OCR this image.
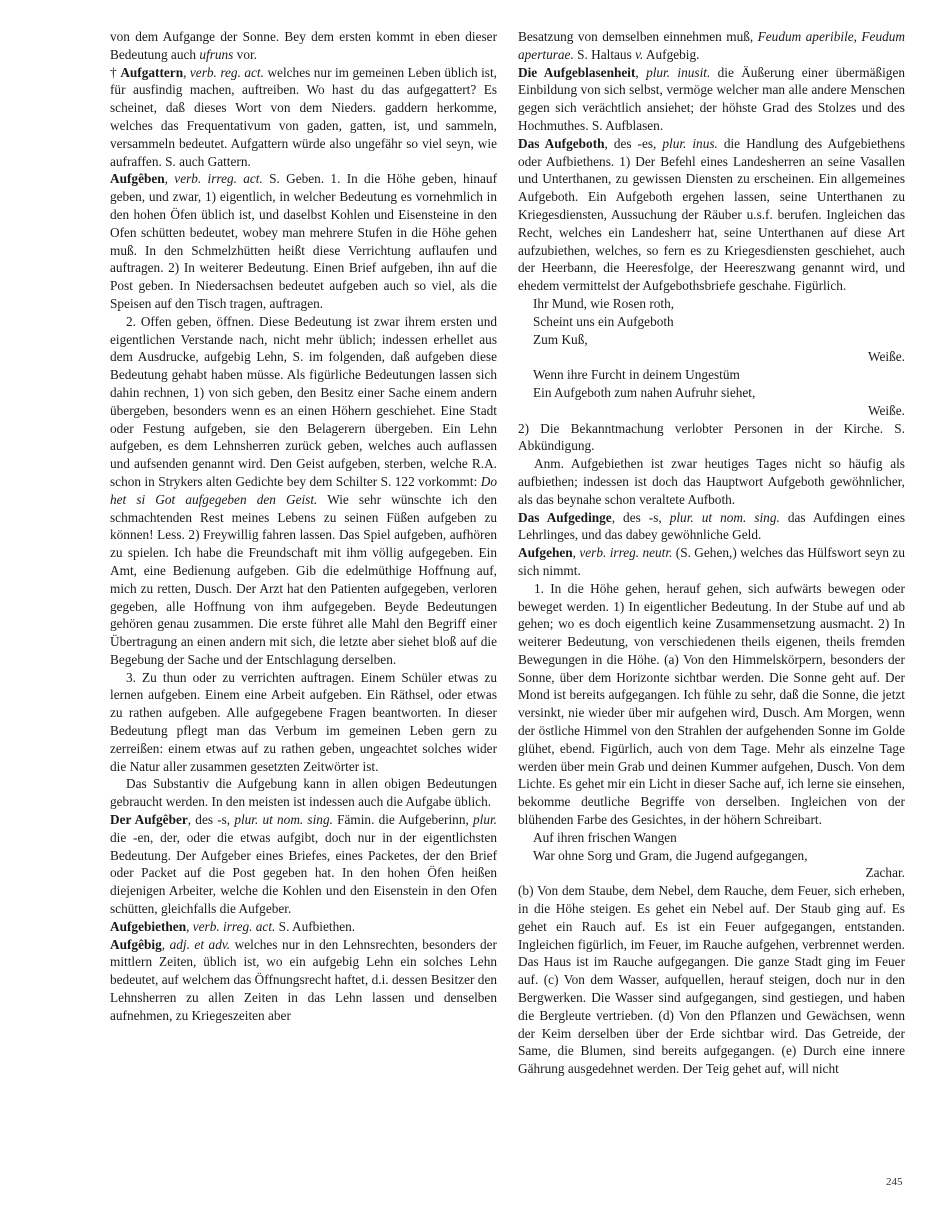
von dem Aufgange der Sonne. Bey dem ersten kommt in eben dieser Bedeutung auch ufruns vor.

† Aufgattern, verb. reg. act. welches nur im gemeinen Leben üblich ist, für ausfindig machen, auftreiben. Wo hast du das aufgegattert? Es scheinet, daß dieses Wort von dem Nieders. gaddern herkomme, welches das Frequentativum von gaden, gatten, ist, und sammeln, versammeln bedeutet. Aufgattern würde also ungefähr so viel seyn, wie aufraffen. S. auch Gattern.

Aufgêben, verb. irreg. act. S. Geben. 1. In die Höhe geben, hinauf geben, und zwar, 1) eigentlich, in welcher Bedeutung es vornehmlich in den hohen Öfen üblich ist, und daselbst Kohlen und Eisensteine in den Ofen schütten bedeutet, wobey man mehrere Stufen in die Höhe gehen muß. In den Schmelzhütten heißt diese Verrichtung auflaufen und auftragen. 2) In weiterer Bedeutung. Einen Brief aufgeben, ihn auf die Post geben. In Niedersachsen bedeutet aufgeben auch so viel, als die Speisen auf den Tisch tragen, auftragen.

2. Offen geben, öffnen. Diese Bedeutung ist zwar ihrem ersten und eigentlichen Verstande nach, nicht mehr üblich; indessen erhellet aus dem Ausdrucke, aufgebig Lehn, S. im folgenden, daß aufgeben diese Bedeutung gehabt haben müsse. Als figürliche Bedeutungen lassen sich dahin rechnen, 1) von sich geben, den Besitz einer Sache einem andern übergeben, besonders wenn es an einen Höhern geschiehet. Eine Stadt oder Festung aufgeben, sie den Belagerern übergeben. Ein Lehn aufgeben, es dem Lehnsherren zurück geben, welches auch auflassen und aufsenden genannt wird. Den Geist aufgeben, sterben, welche R.A. schon in Strykers alten Gedichte bey dem Schilter S. 122 vorkommt: Do het si Got aufgegeben den Geist. Wie sehr wünschte ich den schmachtenden Rest meines Lebens zu seinen Füßen aufgeben zu können! Less. 2) Freywillig fahren lassen. Das Spiel aufgeben, aufhören zu spielen. Ich habe die Freundschaft mit ihm völlig aufgegeben. Ein Amt, eine Bedienung aufgeben. Gib die edelmüthige Hoffnung auf, mich zu retten, Dusch. Der Arzt hat den Patienten aufgegeben, verloren gegeben, alle Hoffnung von ihm aufgegeben. Beyde Bedeutungen gehören genau zusammen. Die erste führet alle Mahl den Begriff einer Übertragung an einen andern mit sich, die letzte aber siehet bloß auf die Begebung der Sache und der Entschlagung derselben.

3. Zu thun oder zu verrichten auftragen. Einem Schüler etwas zu lernen aufgeben. Einem eine Arbeit aufgeben. Ein Räthsel, oder etwas zu rathen aufgeben. Alle aufgegebene Fragen beantworten. In dieser Bedeutung pflegt man das Verbum im gemeinen Leben gern zu zerreißen: einem etwas auf zu rathen geben, ungeachtet solches wider die Natur aller zusammen gesetzten Zeitwörter ist.

Das Substantiv die Aufgebung kann in allen obigen Bedeutungen gebraucht werden. In den meisten ist indessen auch die Aufgabe üblich.

Der Aufgêber, des -s, plur. ut nom. sing. Fämin. die Aufgeberinn, plur. die -en, der, oder die etwas aufgibt, doch nur in der eigentlichsten Bedeutung. Der Aufgeber eines Briefes, eines Packetes, der den Brief oder Packet auf die Post gegeben hat. In den hohen Öfen heißen diejenigen Arbeiter, welche die Kohlen und den Eisenstein in den Ofen schütten, gleichfalls die Aufgeber.

Aufgebiethen, verb. irreg. act. S. Aufbiethen.

Aufgêbig, adj. et adv. welches nur in den Lehnsrechten, besonders der mittlern Zeiten, üblich ist, wo ein aufgebig Lehn ein solches Lehn bedeutet, auf welchem das Öffnungsrecht haftet, d.i. dessen Besitzer den Lehnsherren zu allen Zeiten in das Lehn lassen und denselben aufnehmen, zu Kriegeszeiten aber

Besatzung von demselben einnehmen muß, Feudum aperibile, Feudum aperturae. S. Haltaus v. Aufgebig.

Die Aufgeblasenheit, plur. inusit. die Äußerung einer übermäßigen Einbildung von sich selbst, vermöge welcher man alle andere Menschen gegen sich verächtlich ansiehet; der höhste Grad des Stolzes und des Hochmuthes. S. Aufblasen.

Das Aufgeboth, des -es, plur. inus. die Handlung des Aufgebiethens oder Aufbiethens. 1) Der Befehl eines Landesherren an seine Vasallen und Unterthanen, zu gewissen Diensten zu erscheinen. Ein allgemeines Aufgeboth. Ein Aufgeboth ergehen lassen, seine Unterthanen zu Kriegesdiensten, Aussuchung der Räuber u.s.f. berufen. Ingleichen das Recht, welches ein Landesherr hat, seine Unterthanen auf diese Art aufzubiethen, welches, so fern es zu Kriegesdiensten geschiehet, auch der Heerbann, die Heeresfolge, der Heereszwang genannt wird, und ehedem vermittelst der Aufgebothsbriefe geschahe. Figürlich.

Ihr Mund, wie Rosen roth,

Scheint uns ein Aufgeboth

Zum Kuß,

Weiße.

Wenn ihre Furcht in deinem Ungestüm

Ein Aufgeboth zum nahen Aufruhr siehet,

Weiße.

2) Die Bekanntmachung verlobter Personen in der Kirche. S. Abkündigung.

Anm. Aufgebiethen ist zwar heutiges Tages nicht so häufig als aufbiethen; indessen ist doch das Hauptwort Aufgeboth gewöhnlicher, als das beynahe schon veraltete Aufboth.

Das Aufgedinge, des -s, plur. ut nom. sing. das Aufdingen eines Lehrlinges, und das dabey gewöhnliche Geld.

Aufgehen, verb. irreg. neutr. (S. Gehen,) welches das Hülfswort seyn zu sich nimmt.

1. In die Höhe gehen, herauf gehen, sich aufwärts bewegen oder beweget werden. 1) In eigentlicher Bedeutung. In der Stube auf und ab gehen; wo es doch eigentlich keine Zusammensetzung ausmacht. 2) In weiterer Bedeutung, von verschiedenen theils eigenen, theils fremden Bewegungen in die Höhe. (a) Von den Himmelskörpern, besonders der Sonne, über dem Horizonte sichtbar werden. Die Sonne geht auf. Der Mond ist bereits aufgegangen. Ich fühle zu sehr, daß die Sonne, die jetzt versinkt, nie wieder über mir aufgehen wird, Dusch. Am Morgen, wenn der östliche Himmel von den Strahlen der aufgehenden Sonne im Golde glühet, ebend. Figürlich, auch von dem Tage. Mehr als einzelne Tage werden über mein Grab und deinen Kummer aufgehen, Dusch. Von dem Lichte. Es gehet mir ein Licht in dieser Sache auf, ich lerne sie einsehen, bekomme deutliche Begriffe von derselben. Ingleichen von der blühenden Farbe des Gesichtes, in der höhern Schreibart.

Auf ihren frischen Wangen

War ohne Sorg und Gram, die Jugend aufgegangen,

Zachar.

(b) Von dem Staube, dem Nebel, dem Rauche, dem Feuer, sich erheben, in die Höhe steigen. Es gehet ein Nebel auf. Der Staub ging auf. Es gehet ein Rauch auf. Es ist ein Feuer aufgegangen, entstanden. Ingleichen figürlich, im Feuer, im Rauche aufgehen, verbrennet werden. Das Haus ist im Rauche aufgegangen. Die ganze Stadt ging im Feuer auf. (c) Von dem Wasser, aufquellen, herauf steigen, doch nur in den Bergwerken. Die Wasser sind aufgegangen, sind gestiegen, und haben die Bergleute vertrieben. (d) Von den Pflanzen und Gewächsen, wenn der Keim derselben über der Erde sichtbar wird. Das Getreide, der Same, die Blumen, sind bereits aufgegangen. (e) Durch eine innere Gährung ausgedehnet werden. Der Teig gehet auf, will nicht

245
